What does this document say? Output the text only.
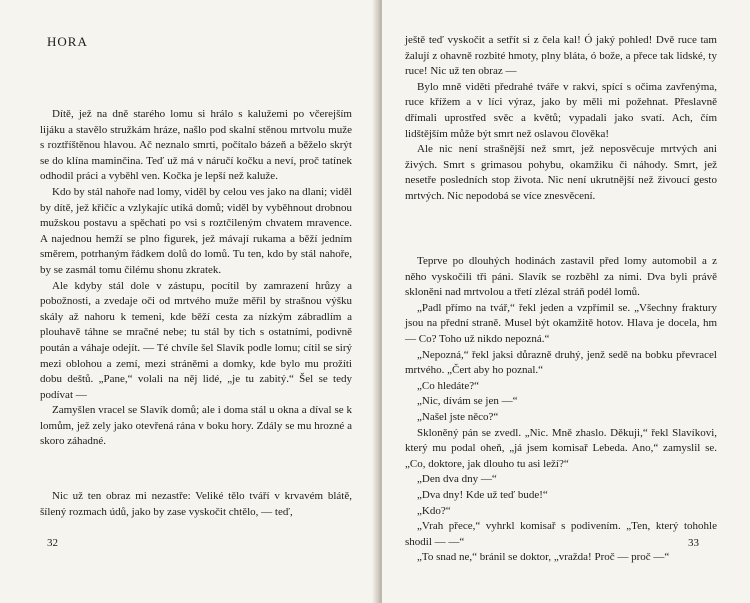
HORA

Dítě, jež na dně starého lomu si hrálo s kalužemi po včerejším lijáku a stavělo stružkám hráze, našlo pod skalní stěnou mrtvolu muže s roztříštěnou hlavou. Ač neznalo smrti, počítalo bázeň a běželo skrýt se do klína maminčina. Teď už má v náručí kočku a neví, proč tatínek odhodil práci a vyběhl ven. Kočka je lepší než kaluže.

Kdo by stál nahoře nad lomy, viděl by celou ves jako na dlani; viděl by dítě, jež křičíc a vzlykajíc utíká domů; viděl by vyběhnout drobnou mužskou postavu a spěchati po vsi s roztčileným chvatem mravence. A najednou hemží se plno figurek, jež mávají rukama a běží jedním směrem, potrhaným řádkem dolů do lomů. Tu ten, kdo by stál nahoře, by se zasmál tomu čilému shonu zkratek.

Ale kdyby stál dole v zástupu, pocítil by zamrazení hrůzy a pobožnosti, a zvedaje oči od mrtvého muže měřil by strašnou výšku skály až nahoru k temeni, kde běží cesta za nízkým zábradlím a plouhavě táhne se mračné nebe; tu stál by tich s ostatními, podivně poután a váhaje odejít. — Té chvíle šel Slavík podle lomu; cítil se sirý mezi oblohou a zemí, mezi stráněmi a domky, kde bylo mu prožíti dobu deštů. „Pane,“ volali na něj lidé, „je tu zabitý.“ Šel se tedy podívat —

Zamyšlen vracel se Slavík domů; ale i doma stál u okna a díval se k lomům, jež zely jako otevřená rána v boku hory. Zdály se mu hrozné a skoro záhadné.

Nic už ten obraz mi nezastře: Veliké tělo tváří v krvavém blátě, šílený rozmach údů, jako by zase vyskočit chtělo, — teď,

32

ještě teď vyskočit a setřít si z čela kal! Ó jaký pohled! Dvě ruce tam žalují z ohavně rozbité hmoty, plny bláta, ó bože, a přece tak lidské, ty ruce! Nic už ten obraz —

Bylo mně viděti předrahé tváře v rakvi, spící s očima zavřenýma, ruce křížem a v líci výraz, jako by měli mi požehnat. Přeslavně dřímali uprostřed svěc a květů; vypadali jako svatí. Ach, čím lidštějším může být smrt než oslavou člověka!

Ale nic není strašnější než smrt, jež neposvěcuje mrtvých ani živých. Smrt s grimasou pohybu, okamžiku či náhody. Smrt, jež nesetře posledních stop života. Nic není ukrutnější než živoucí gesto mrtvých. Nic nepodobá se více znesvěcení.

Teprve po dlouhých hodinách zastavil před lomy automobil a z něho vyskočili tři páni. Slavík se rozběhl za nimi. Dva byli právě skloněni nad mrtvolou a třetí zlézal stráň podél lomů.

„Padl přímo na tvář,“ řekl jeden a vzpřímil se. „Všechny fraktury jsou na přední straně. Musel být okamžitě hotov. Hlava je docela, hm — Co? Toho už nikdo nepozná.“

„Nepozná,“ řekl jaksi důrazně druhý, jenž sedě na bobku převracel mrtvého. „Čert aby ho poznal.“

„Co hledáte?“

„Nic, dívám se jen —“

„Našel jste něco?“

Skloněný pán se zvedl. „Nic. Mně zhaslo. Děkuji,“ řekl Slavíkovi, který mu podal oheň, „já jsem komisař Lebeda. Ano,“ zamyslil se. „Co, doktore, jak dlouho tu asi leží?“

„Den dva dny —“

„Dva dny! Kde už teď bude!“

„Kdo?“

„Vrah přece,“ vyhrkl komisař s podivením. „Ten, který tohohle shodil — —“

„To snad ne,“ bránil se doktor, „vražda! Proč — proč —“

33
